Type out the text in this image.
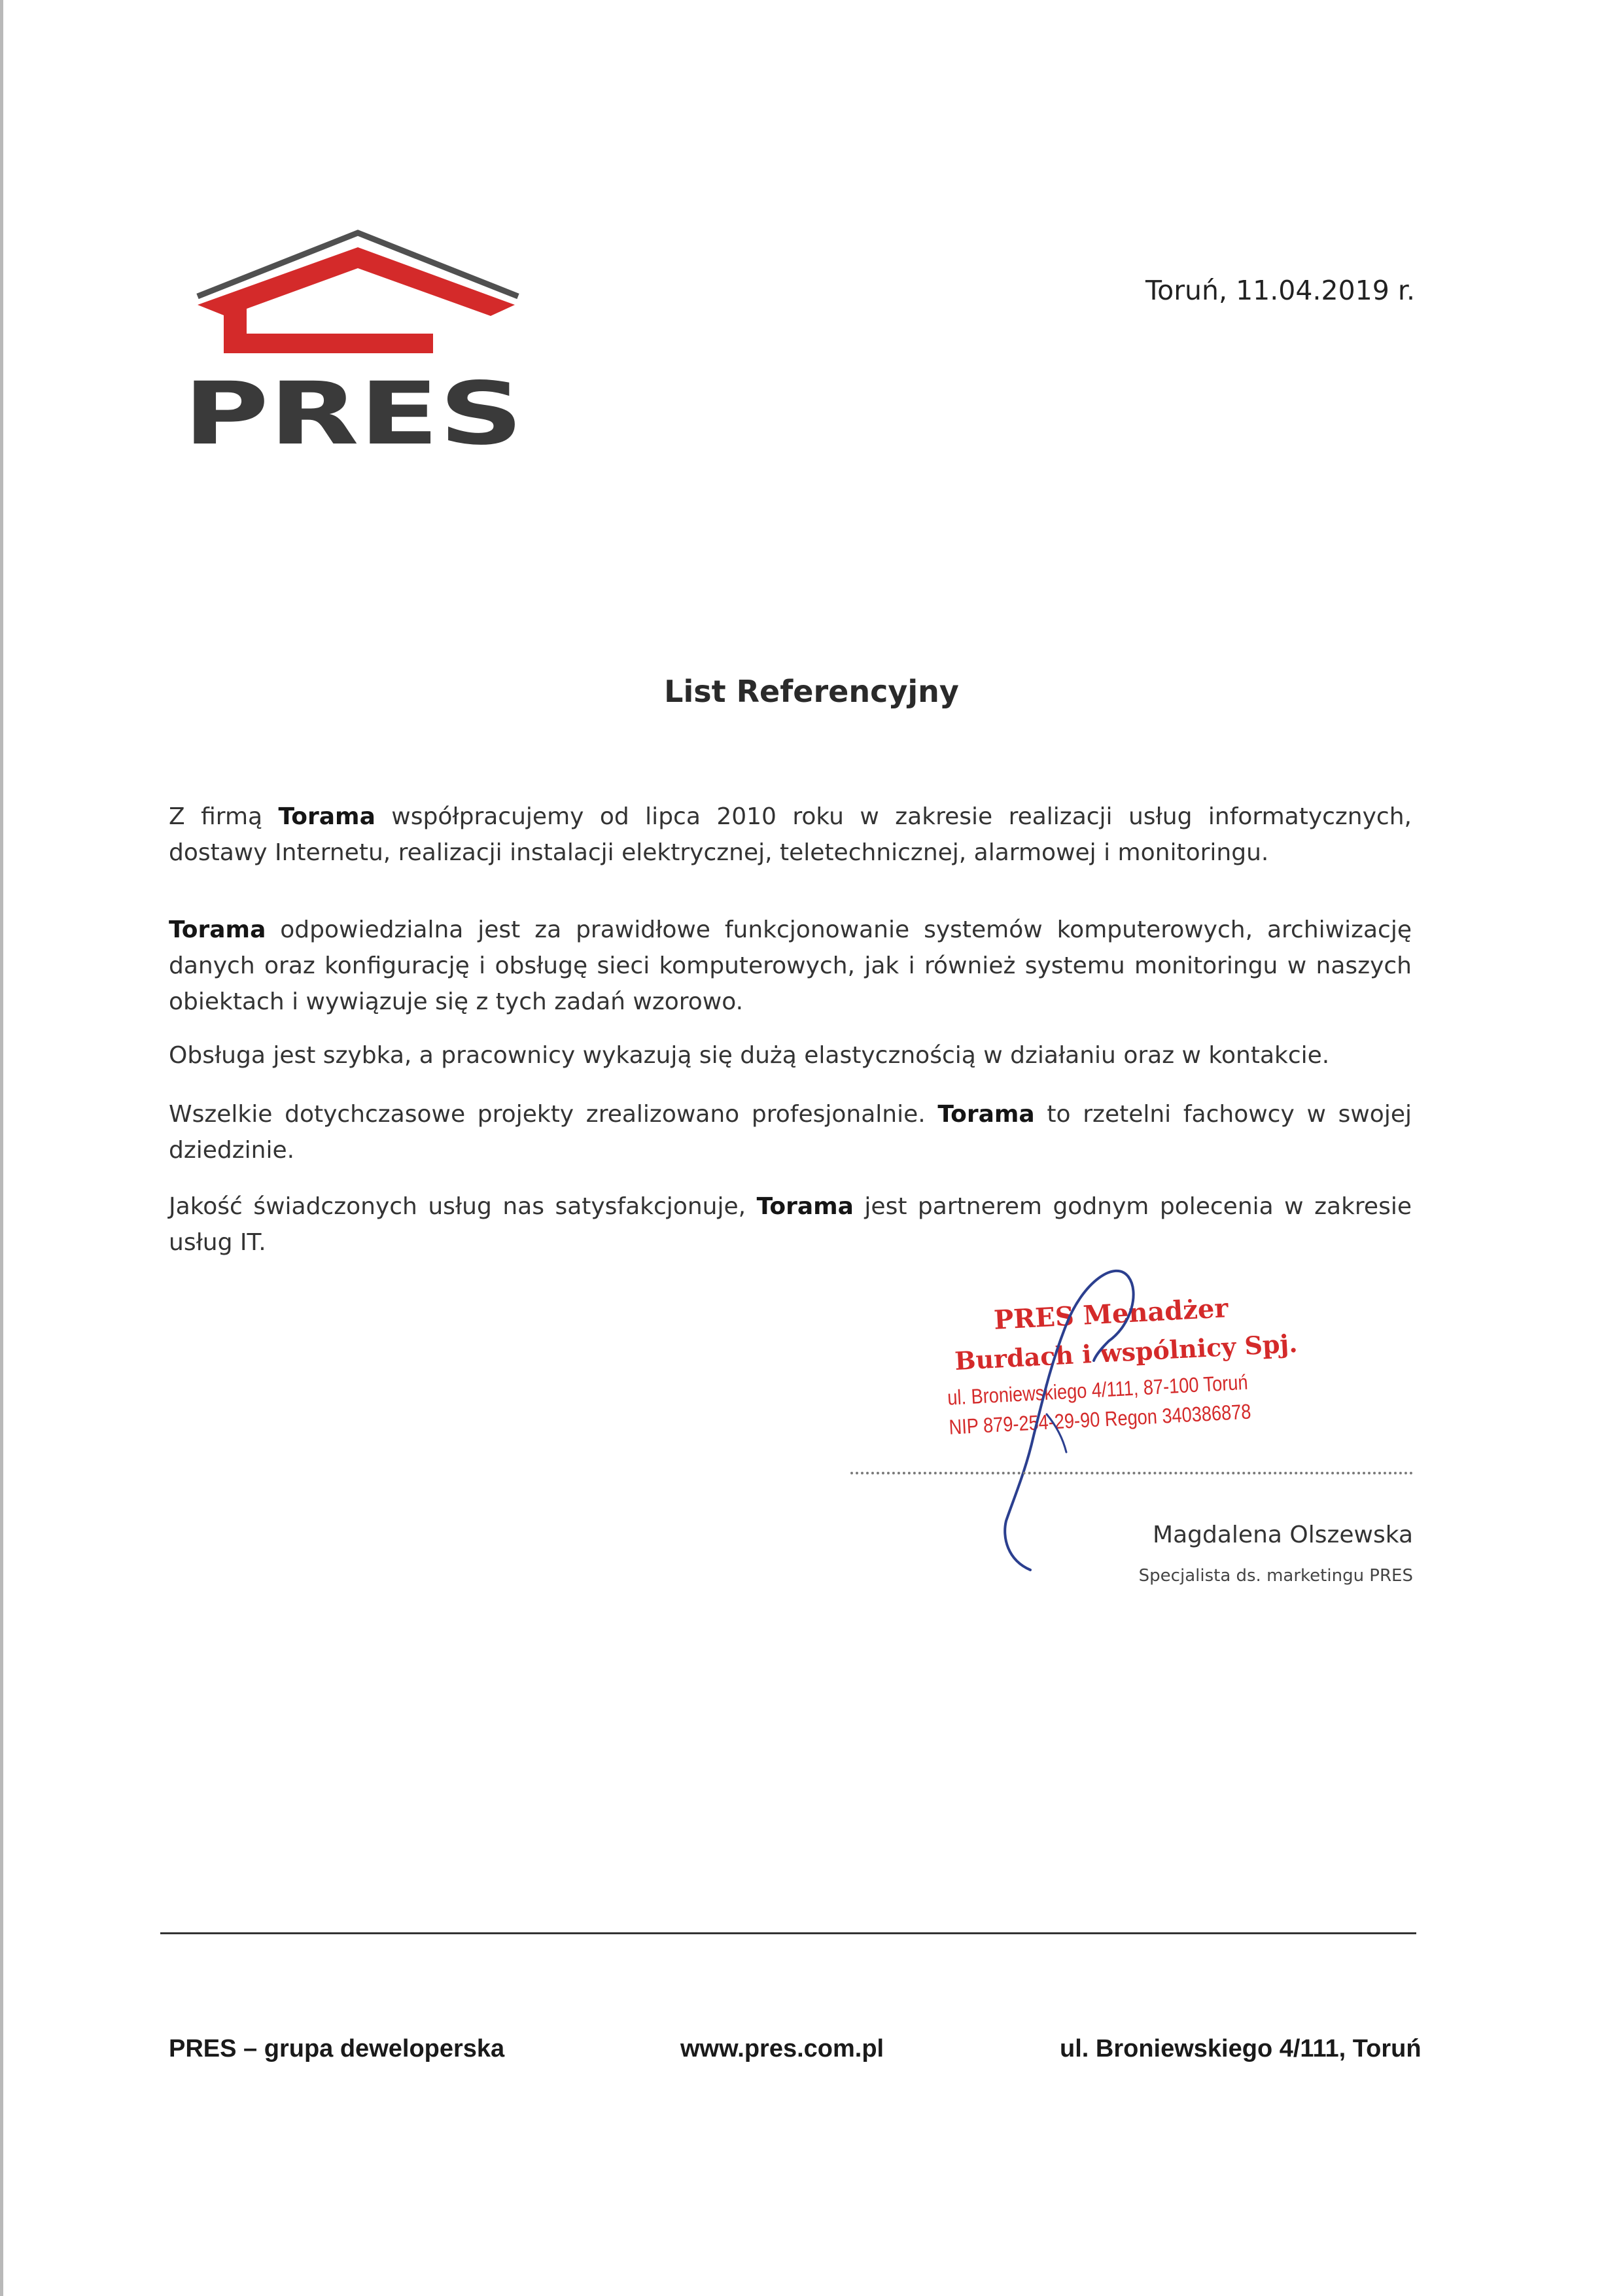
PRES
Toruń, 11.04.2019 r.
List Referencyjny
Z firmą Torama współpracujemy od lipca 2010 roku w zakresie realizacji usług informatycznych, dostawy Internetu, realizacji instalacji elektrycznej, teletechnicznej, alarmowej i monitoringu.
Torama odpowiedzialna jest za prawidłowe funkcjonowanie systemów komputerowych, archiwizację danych oraz konfigurację i obsługę sieci komputerowych, jak i również systemu monitoringu w naszych obiektach i wywiązuje się z tych zadań wzorowo.
Obsługa jest szybka, a pracownicy wykazują się dużą elastycznością w działaniu oraz w kontakcie.
Wszelkie dotychczasowe projekty zrealizowano profesjonalnie. Torama to rzetelni fachowcy w swojej dziedzinie.
Jakość świadczonych usług nas satysfakcjonuje, Torama jest partnerem godnym polecenia w zakresie usług IT.
PRES Menadżer
Burdach i wspólnicy Spj.
ul. Broniewskiego 4/111, 87-100 Toruń
NIP 879-254-29-90 Regon 340386878
Magdalena Olszewska
Specjalista ds. marketingu PRES
PRES – grupa deweloperska	www.pres.com.pl	ul. Broniewskiego 4/111, Toruń
